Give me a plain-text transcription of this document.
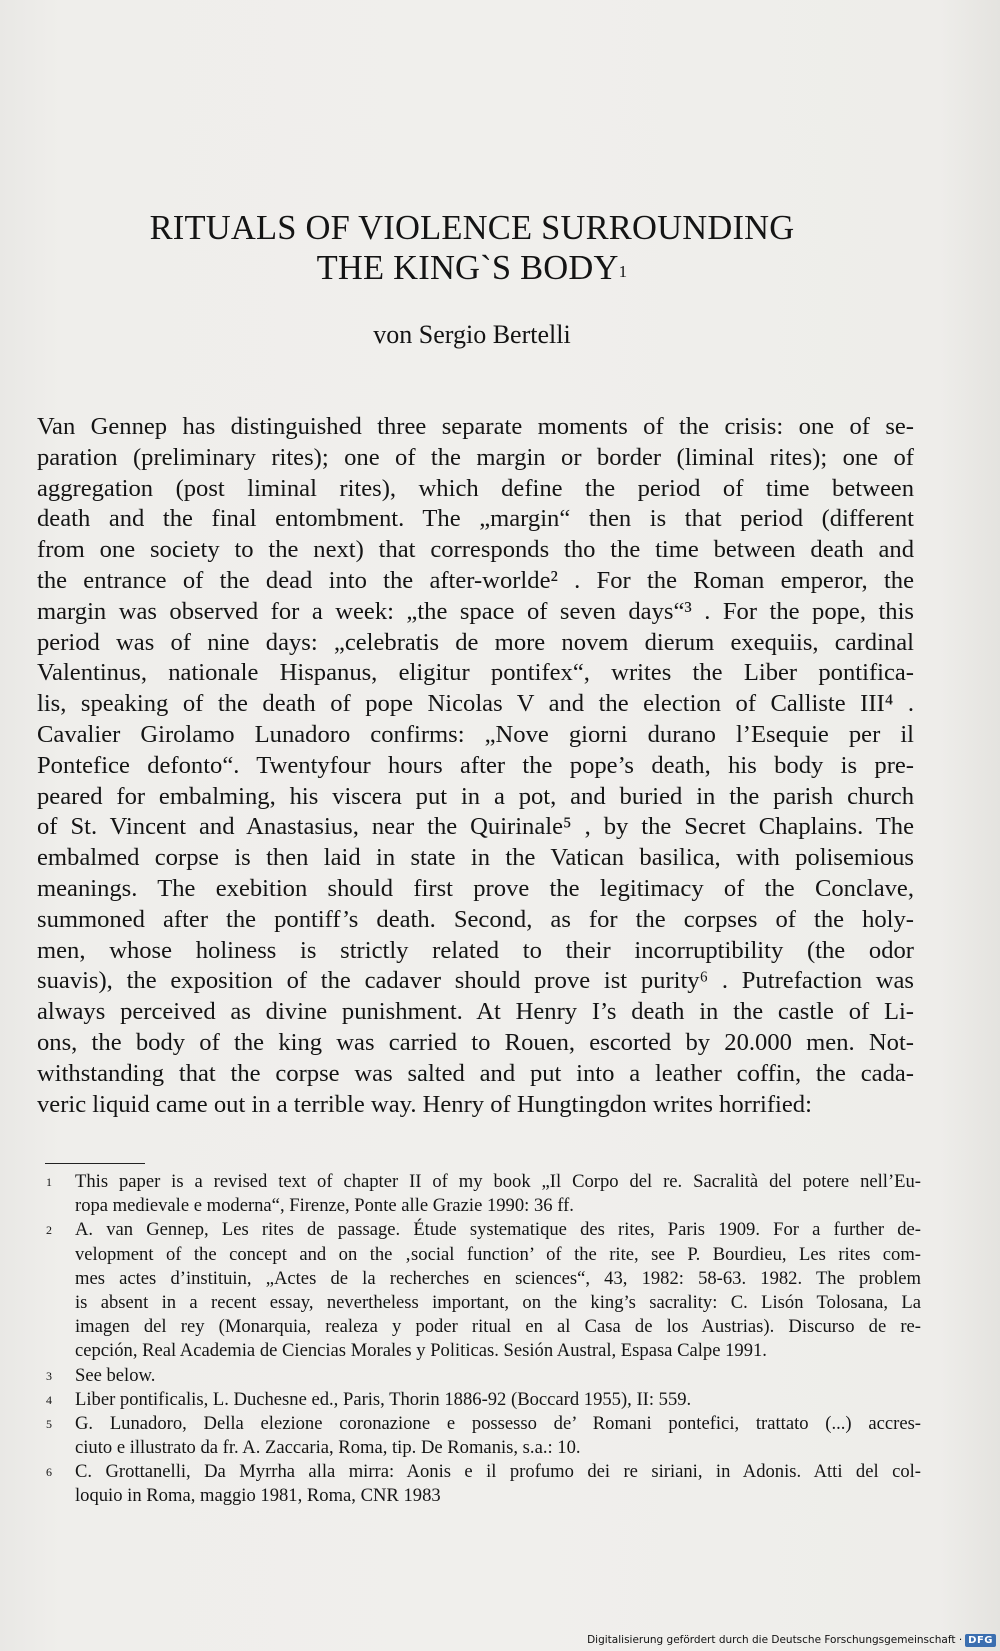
RITUALS OF VIOLENCE SURROUNDING
THE KING`S BODY$^1$
von Sergio Bertelli
Van Gennep has distinguished three separate moments of the crisis: one of se-
paration (preliminary rites); one of the margin or border (liminal rites); one of
aggregation (post liminal rites), which define the period of time between
death and the final entombment. The „margin“ then is that period (different
from one society to the next) that corresponds tho the time between death and
the entrance of the dead into the after-worlde² . For the Roman emperor, the
margin was observed for a week: „the space of seven days“³ . For the pope, this
period was of nine days: „celebratis de more novem dierum exequiis, cardinal
Valentinus, nationale Hispanus, eligitur pontifex“, writes the Liber pontifica-
lis, speaking of the death of pope Nicolas V and the election of Calliste III⁴ .
Cavalier Girolamo Lunadoro confirms: „Nove giorni durano l’Esequie per il
Pontefice defonto“. Twentyfour hours after the pope’s death, his body is pre-
peared for embalming, his viscera put in a pot, and buried in the parish church
of St. Vincent and Anastasius, near the Quirinale⁵ , by the Secret Chaplains. The
embalmed corpse is then laid in state in the Vatican basilica, with polisemious
meanings. The exebition should first prove the legitimacy of the Conclave,
summoned after the pontiff’s death. Second, as for the corpses of the holy-
men, whose holiness is strictly related to their incorruptibility (the odor
suavis), the exposition of the cadaver should prove ist purity⁶ . Putrefaction was
always perceived as divine punishment. At Henry I’s death in the castle of Li-
ons, the body of the king was carried to Rouen, escorted by 20.000 men. Not-
withstanding that the corpse was salted and put into a leather coffin, the cada-
veric liquid came out in a terrible way. Henry of Hungtingdon writes horrified:
1 This paper is a revised text of chapter II of my book „Il Corpo del re. Sacralità del potere nell’Eu-
ropa medievale e moderna“, Firenze, Ponte alle Grazie 1990: 36 ff.
2 A. van Gennep, Les rites de passage. Étude systematique des rites, Paris 1909. For a further de-
velopment of the concept and on the ‚social function’ of the rite, see P. Bourdieu, Les rites com-
mes actes d’instituin, „Actes de la recherches en sciences“, 43, 1982: 58-63. 1982. The problem
is absent in a recent essay, nevertheless important, on the king’s sacrality: C. Lisón Tolosana, La
imagen del rey (Monarquia, realeza y poder ritual en al Casa de los Austrias). Discurso de re-
cepción, Real Academia de Ciencias Morales y Politicas. Sesión Austral, Espasa Calpe 1991.
3 See below.
4 Liber pontificalis, L. Duchesne ed., Paris, Thorin 1886-92 (Boccard 1955), II: 559.
5 G. Lunadoro, Della elezione coronazione e possesso de’ Romani pontefici, trattato (...) accres-
ciuto e illustrato da fr. A. Zaccaria, Roma, tip. De Romanis, s.a.: 10.
6 C. Grottanelli, Da Myrrha alla mirra: Aonis e il profumo dei re siriani, in Adonis. Atti del col-
loquio in Roma, maggio 1981, Roma, CNR 1983
Digitalisierung gefördert durch die Deutsche Forschungsgemeinschaft · DFG
